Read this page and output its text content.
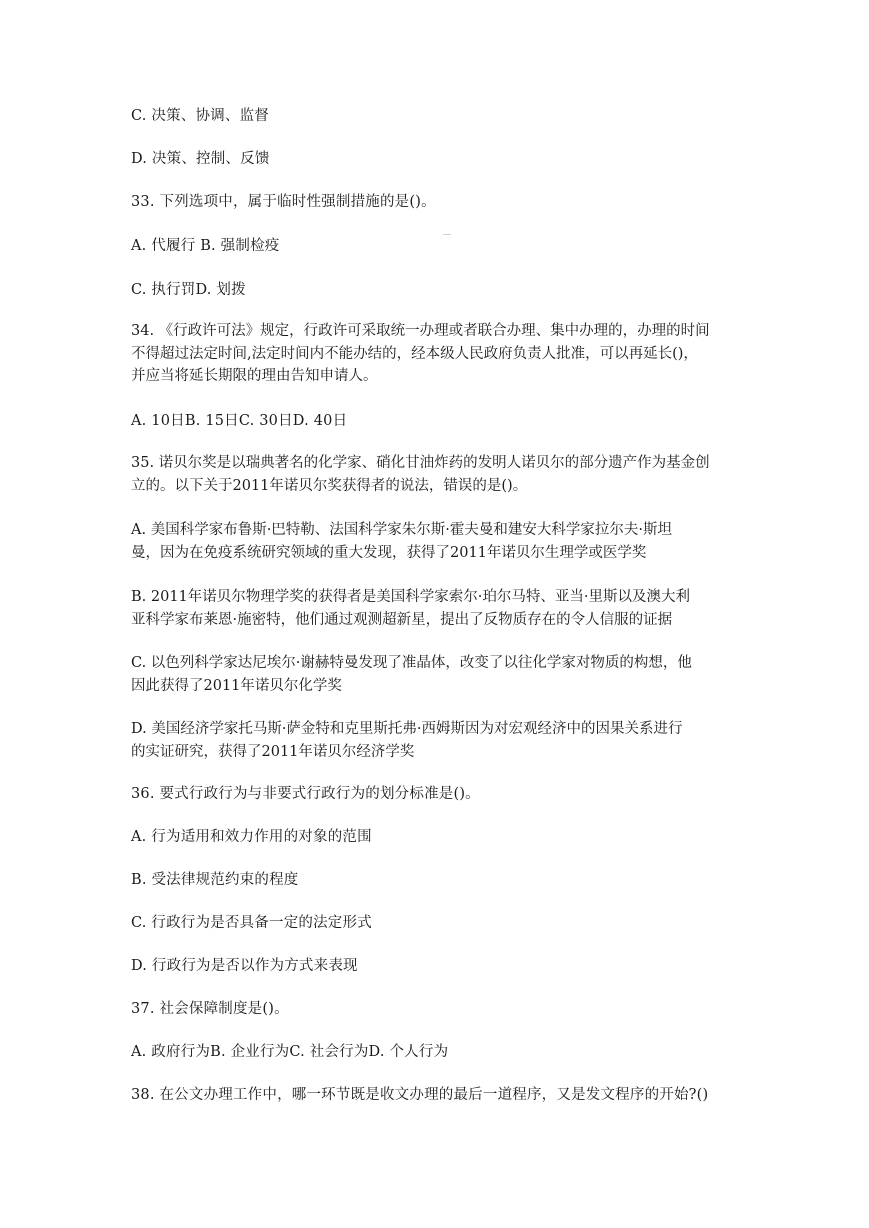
C. 决策、协调、监督
D. 决策、控制、反馈
33. 下列选项中，属于临时性强制措施的是()。
A. 代履行 B. 强制检疫
C. 执行罚D. 划拨
34. 《行政许可法》规定，行政许可采取统一办理或者联合办理、集中办理的，办理的时间
不得超过法定时间,法定时间内不能办结的，经本级人民政府负责人批准，可以再延长()，
并应当将延长期限的理由告知申请人。
A. 10日B. 15日C. 30日D. 40日
35. 诺贝尔奖是以瑞典著名的化学家、硝化甘油炸药的发明人诺贝尔的部分遗产作为基金创
立的。以下关于2011年诺贝尔奖获得者的说法，错误的是()。
A. 美国科学家布鲁斯·巴特勒、法国科学家朱尔斯·霍夫曼和建安大科学家拉尔夫·斯坦
曼，因为在免疫系统研究领域的重大发现，获得了2011年诺贝尔生理学或医学奖
B. 2011年诺贝尔物理学奖的获得者是美国科学家索尔·珀尔马特、亚当·里斯以及澳大利
亚科学家布莱恩·施密特，他们通过观测超新星，提出了反物质存在的令人信服的证据
C. 以色列科学家达尼埃尔·谢赫特曼发现了准晶体，改变了以往化学家对物质的构想，他
因此获得了2011年诺贝尔化学奖
D. 美国经济学家托马斯·萨金特和克里斯托弗·西姆斯因为对宏观经济中的因果关系进行
的实证研究，获得了2011年诺贝尔经济学奖
36. 要式行政行为与非要式行政行为的划分标准是()。
A. 行为适用和效力作用的对象的范围
B. 受法律规范约束的程度
C. 行政行为是否具备一定的法定形式
D. 行政行为是否以作为方式来表现
37. 社会保障制度是()。
A. 政府行为B. 企业行为C. 社会行为D. 个人行为
38. 在公文办理工作中，哪一环节既是收文办理的最后一道程序，又是发文程序的开始?()
